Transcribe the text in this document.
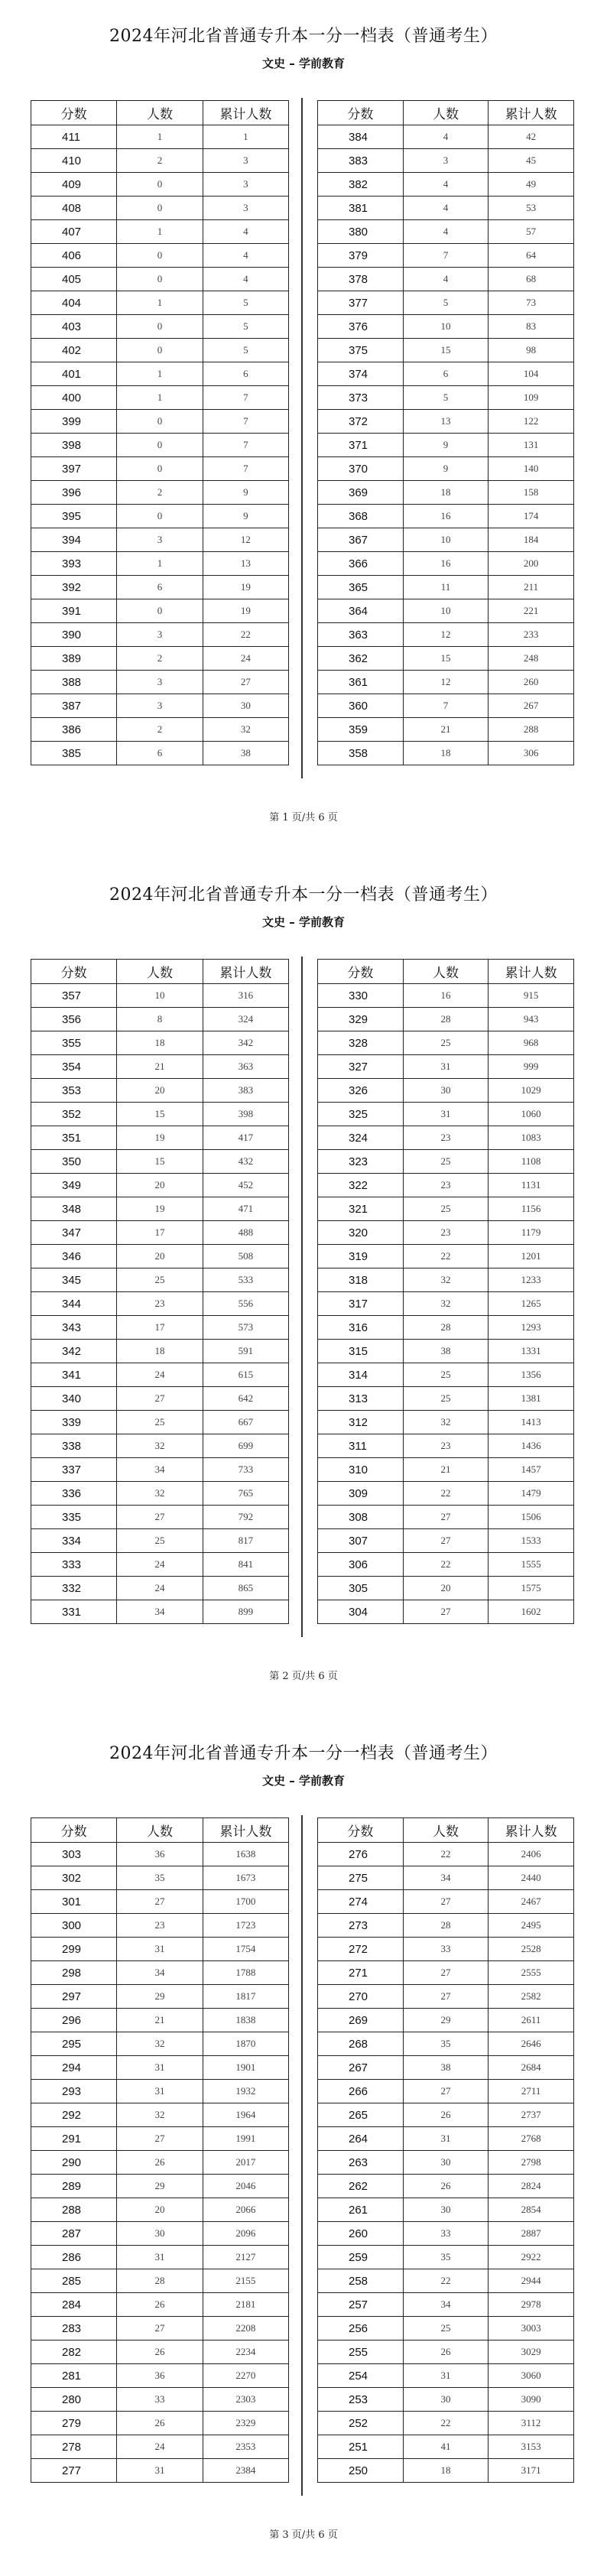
2024年河北省普通专升本一分一档表（普通考生）
文史 – 学前教育
分数	人数	累计人数
411	1	1
410	2	3
409	0	3
408	0	3
407	1	4
406	0	4
405	0	4
404	1	5
403	0	5
402	0	5
401	1	6
400	1	7
399	0	7
398	0	7
397	0	7
396	2	9
395	0	9
394	3	12
393	1	13
392	6	19
391	0	19
390	3	22
389	2	24
388	3	27
387	3	30
386	2	32
385	6	38
分数	人数	累计人数
384	4	42
383	3	45
382	4	49
381	4	53
380	4	57
379	7	64
378	4	68
377	5	73
376	10	83
375	15	98
374	6	104
373	5	109
372	13	122
371	9	131
370	9	140
369	18	158
368	16	174
367	10	184
366	16	200
365	11	211
364	10	221
363	12	233
362	15	248
361	12	260
360	7	267
359	21	288
358	18	306
第 1 页/共 6 页
2024年河北省普通专升本一分一档表（普通考生）
文史 – 学前教育
分数	人数	累计人数
357	10	316
356	8	324
355	18	342
354	21	363
353	20	383
352	15	398
351	19	417
350	15	432
349	20	452
348	19	471
347	17	488
346	20	508
345	25	533
344	23	556
343	17	573
342	18	591
341	24	615
340	27	642
339	25	667
338	32	699
337	34	733
336	32	765
335	27	792
334	25	817
333	24	841
332	24	865
331	34	899
分数	人数	累计人数
330	16	915
329	28	943
328	25	968
327	31	999
326	30	1029
325	31	1060
324	23	1083
323	25	1108
322	23	1131
321	25	1156
320	23	1179
319	22	1201
318	32	1233
317	32	1265
316	28	1293
315	38	1331
314	25	1356
313	25	1381
312	32	1413
311	23	1436
310	21	1457
309	22	1479
308	27	1506
307	27	1533
306	22	1555
305	20	1575
304	27	1602
第 2 页/共 6 页
2024年河北省普通专升本一分一档表（普通考生）
文史 – 学前教育
分数	人数	累计人数
303	36	1638
302	35	1673
301	27	1700
300	23	1723
299	31	1754
298	34	1788
297	29	1817
296	21	1838
295	32	1870
294	31	1901
293	31	1932
292	32	1964
291	27	1991
290	26	2017
289	29	2046
288	20	2066
287	30	2096
286	31	2127
285	28	2155
284	26	2181
283	27	2208
282	26	2234
281	36	2270
280	33	2303
279	26	2329
278	24	2353
277	31	2384
分数	人数	累计人数
276	22	2406
275	34	2440
274	27	2467
273	28	2495
272	33	2528
271	27	2555
270	27	2582
269	29	2611
268	35	2646
267	38	2684
266	27	2711
265	26	2737
264	31	2768
263	30	2798
262	26	2824
261	30	2854
260	33	2887
259	35	2922
258	22	2944
257	34	2978
256	25	3003
255	26	3029
254	31	3060
253	30	3090
252	22	3112
251	41	3153
250	18	3171
第 3 页/共 6 页
